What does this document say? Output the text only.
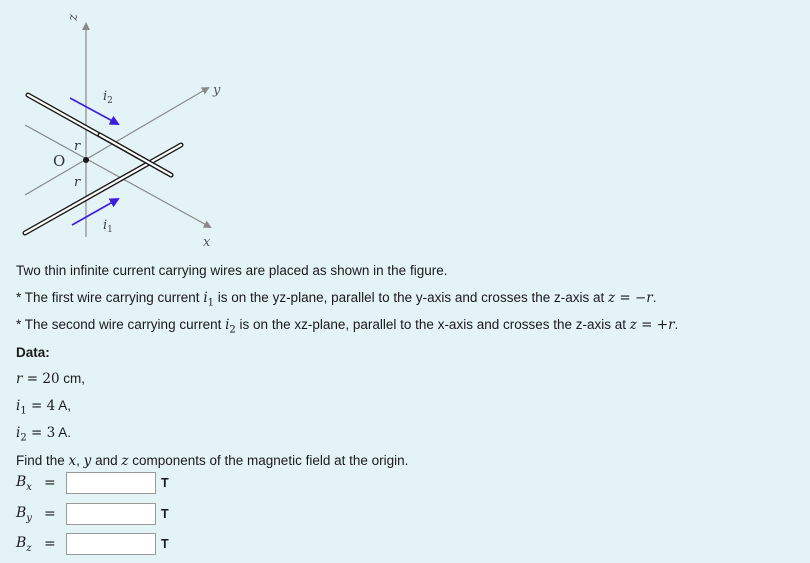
z
y
x
O
r
r
$i_2$
$i_1$
Two thin infinite current carrying wires are placed as shown in the figure.
* The first wire carrying current $i_1$ is on the yz-plane, parallel to the y-axis and crosses the z-axis at z = −r.
* The second wire carrying current $i_2$ is on the xz-plane, parallel to the x-axis and crosses the z-axis at z = +r.
Data:
r = 20 cm,
$i_1 = 4$ A,
$i_2 = 3$ A.
Find the x, y and z components of the magnetic field at the origin.
$B_x$ =	T
$B_y$ =	T
$B_z$ =	T
